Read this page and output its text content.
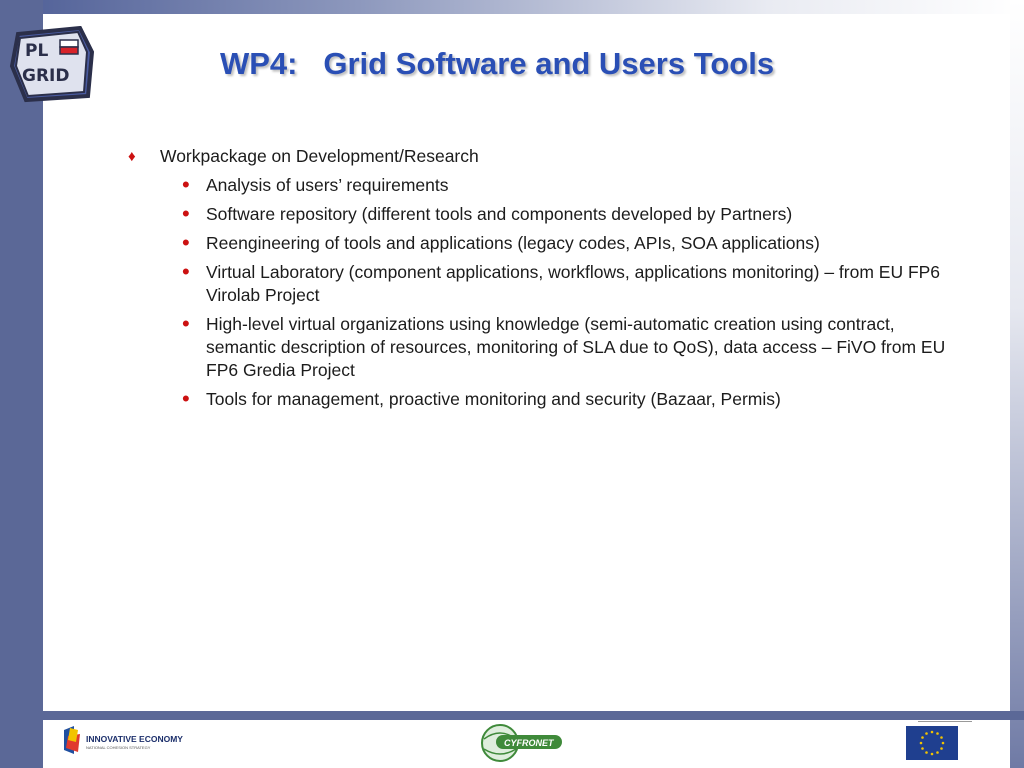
PL
GRID	WP4:   Grid Software and Users Tools
♦	Workpackage on Development/Research
• Analysis of users’ requirements
• Software repository (different tools and components developed by Partners)
• Reengineering of tools and applications (legacy codes, APIs, SOA applications)
• Virtual Laboratory (component applications, workflows, applications monitoring) – from EU FP6 Virolab Project
• High-level virtual organizations using knowledge (semi-automatic creation using contract, semantic description of resources, monitoring of SLA due to QoS), data access – FiVO from EU FP6 Gredia Project
• Tools for management, proactive monitoring and security (Bazaar, Permis)
INNOVATIVE ECONOMY
NATIONAL COHESION STRATEGY	CYFRONET
